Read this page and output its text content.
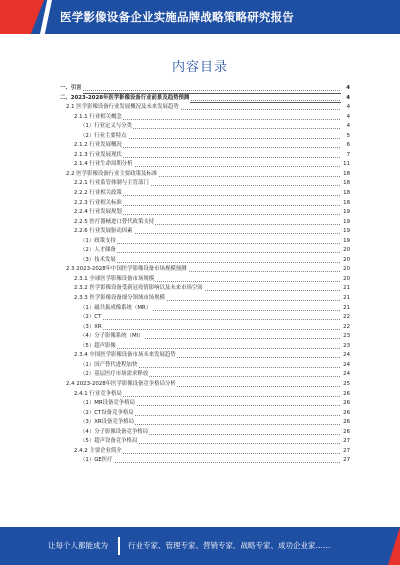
医学影像设备企业实施品牌战略策略研究报告
内容目录
一、引言	4
二、2023-2028年医学影像设备行业前景及趋势预测	4
2.1 医学影像设备行业发展概况及未来发展趋势	4
2.1.1 行业相关概念	4
（1）行业定义与分类	4
（2）行业主要特点	5
2.1.2 行业发展概况	6
2.1.3 行业发展现状	7
2.1.4 行业生命周期分析	11
2.2 医学影像设备行业主要政策及标准	18
2.2.1 行业监管体制与主管部门	18
2.2.2 行业相关政策	18
2.2.3 行业相关标准	18
2.2.4 行业发展规划	19
2.2.5 医疗器械进口替代政策支持	19
2.2.6 行业发展驱动因素	19
（1）政策支持	19
（2）人才储备	20
（3）技术发展	20
2.3 2023-2028年中国医学影像设备市场规模预测	20
2.3.1 全球医学影像设备市场规模	20
2.3.2 医学影像设备受新冠疫情影响以及未来市场空间	21
2.3.3 医学影像设备细分领域市场规模	21
（1）磁共振成像系统（MR）	21
（2）CT	22
（3）XR	22
（4）分子影像系统（MI）	23
（5）超声影像	23
2.3.4 中国医学影像设备市场未来发展趋势	24
（1）国产替代进程加快	24
（2）基层医疗市场需求释放	24
2.4 2023-2028年医学影像设备竞争格局分析	25
2.4.1 行业竞争格局	26
（1）MR设备竞争格局	26
（2）CT设备竞争格局	26
（3）XR设备竞争格局	26
（4）分子影像设备竞争格局	26
（5）超声设备竞争格局	27
2.4.2 主要企业简介	27
（1）GE医疗	27
让每个人都能成为	行业专家、管理专家、营销专家、战略专家、成功企业家……
